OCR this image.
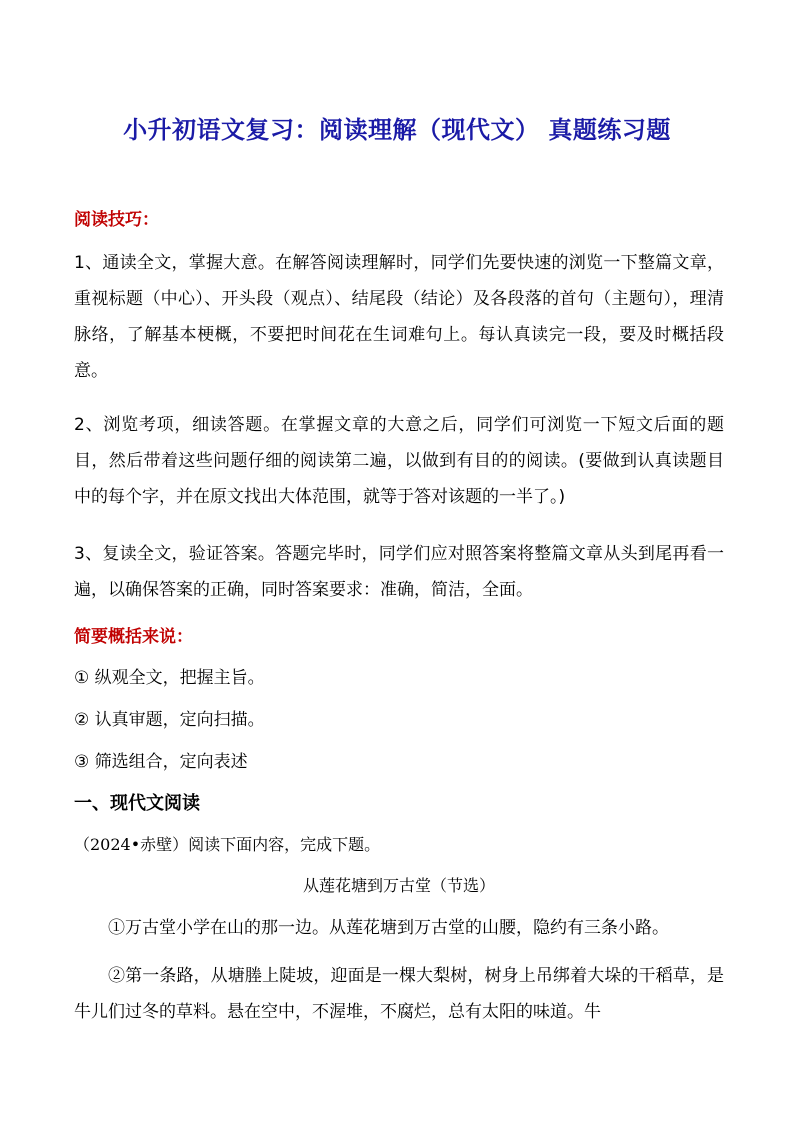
小升初语文复习：阅读理解（现代文） 真题练习题
阅读技巧：
1、通读全文，掌握大意。在解答阅读理解时，同学们先要快速的浏览一下整篇文章，重视标题（中心）、开头段（观点）、结尾段（结论）及各段落的首句（主题句），理清脉络，了解基本梗概，不要把时间花在生词难句上。每认真读完一段，要及时概括段意。
2、浏览考项，细读答题。在掌握文章的大意之后，同学们可浏览一下短文后面的题目，然后带着这些问题仔细的阅读第二遍，以做到有目的的阅读。(要做到认真读题目中的每个字，并在原文找出大体范围，就等于答对该题的一半了。)
3、复读全文，验证答案。答题完毕时，同学们应对照答案将整篇文章从头到尾再看一遍，以确保答案的正确，同时答案要求：准确，简洁，全面。
简要概括来说：
① 纵观全文，把握主旨。
② 认真审题，定向扫描。
③ 筛选组合，定向表述
一、现代文阅读
（2024•赤壁）阅读下面内容，完成下题。
从莲花塘到万古堂（节选）
①万古堂小学在山的那一边。从莲花塘到万古堂的山腰，隐约有三条小路。
②第一条路，从塘塍上陡坡，迎面是一棵大梨树，树身上吊绑着大垛的干稻草，是牛儿们过冬的草料。悬在空中，不渥堆，不腐烂，总有太阳的味道。牛
